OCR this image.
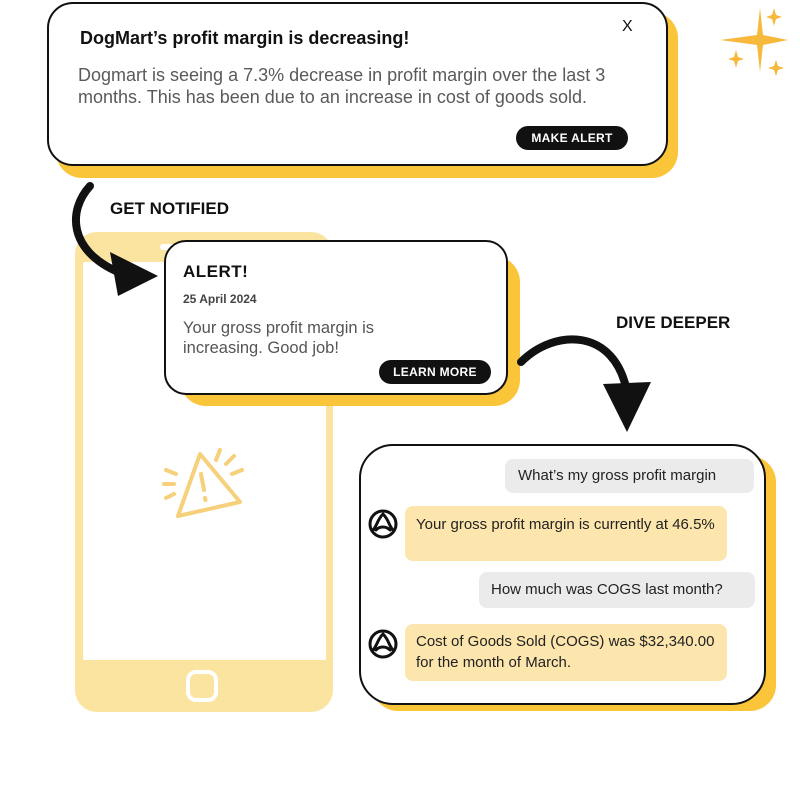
DogMart’s profit margin is decreasing!
X
Dogmart is seeing a 7.3% decrease in profit margin over the last 3 months. This has been due to an increase in cost of goods sold.
MAKE ALERT
GET NOTIFIED
ALERT!
25 April 2024
Your gross profit margin is increasing. Good job!
LEARN MORE
DIVE DEEPER
What’s my gross profit margin
Your gross profit margin is currently at 46.5%
How much was COGS last month?
Cost of Goods Sold (COGS) was $32,340.00 for the month of March.
